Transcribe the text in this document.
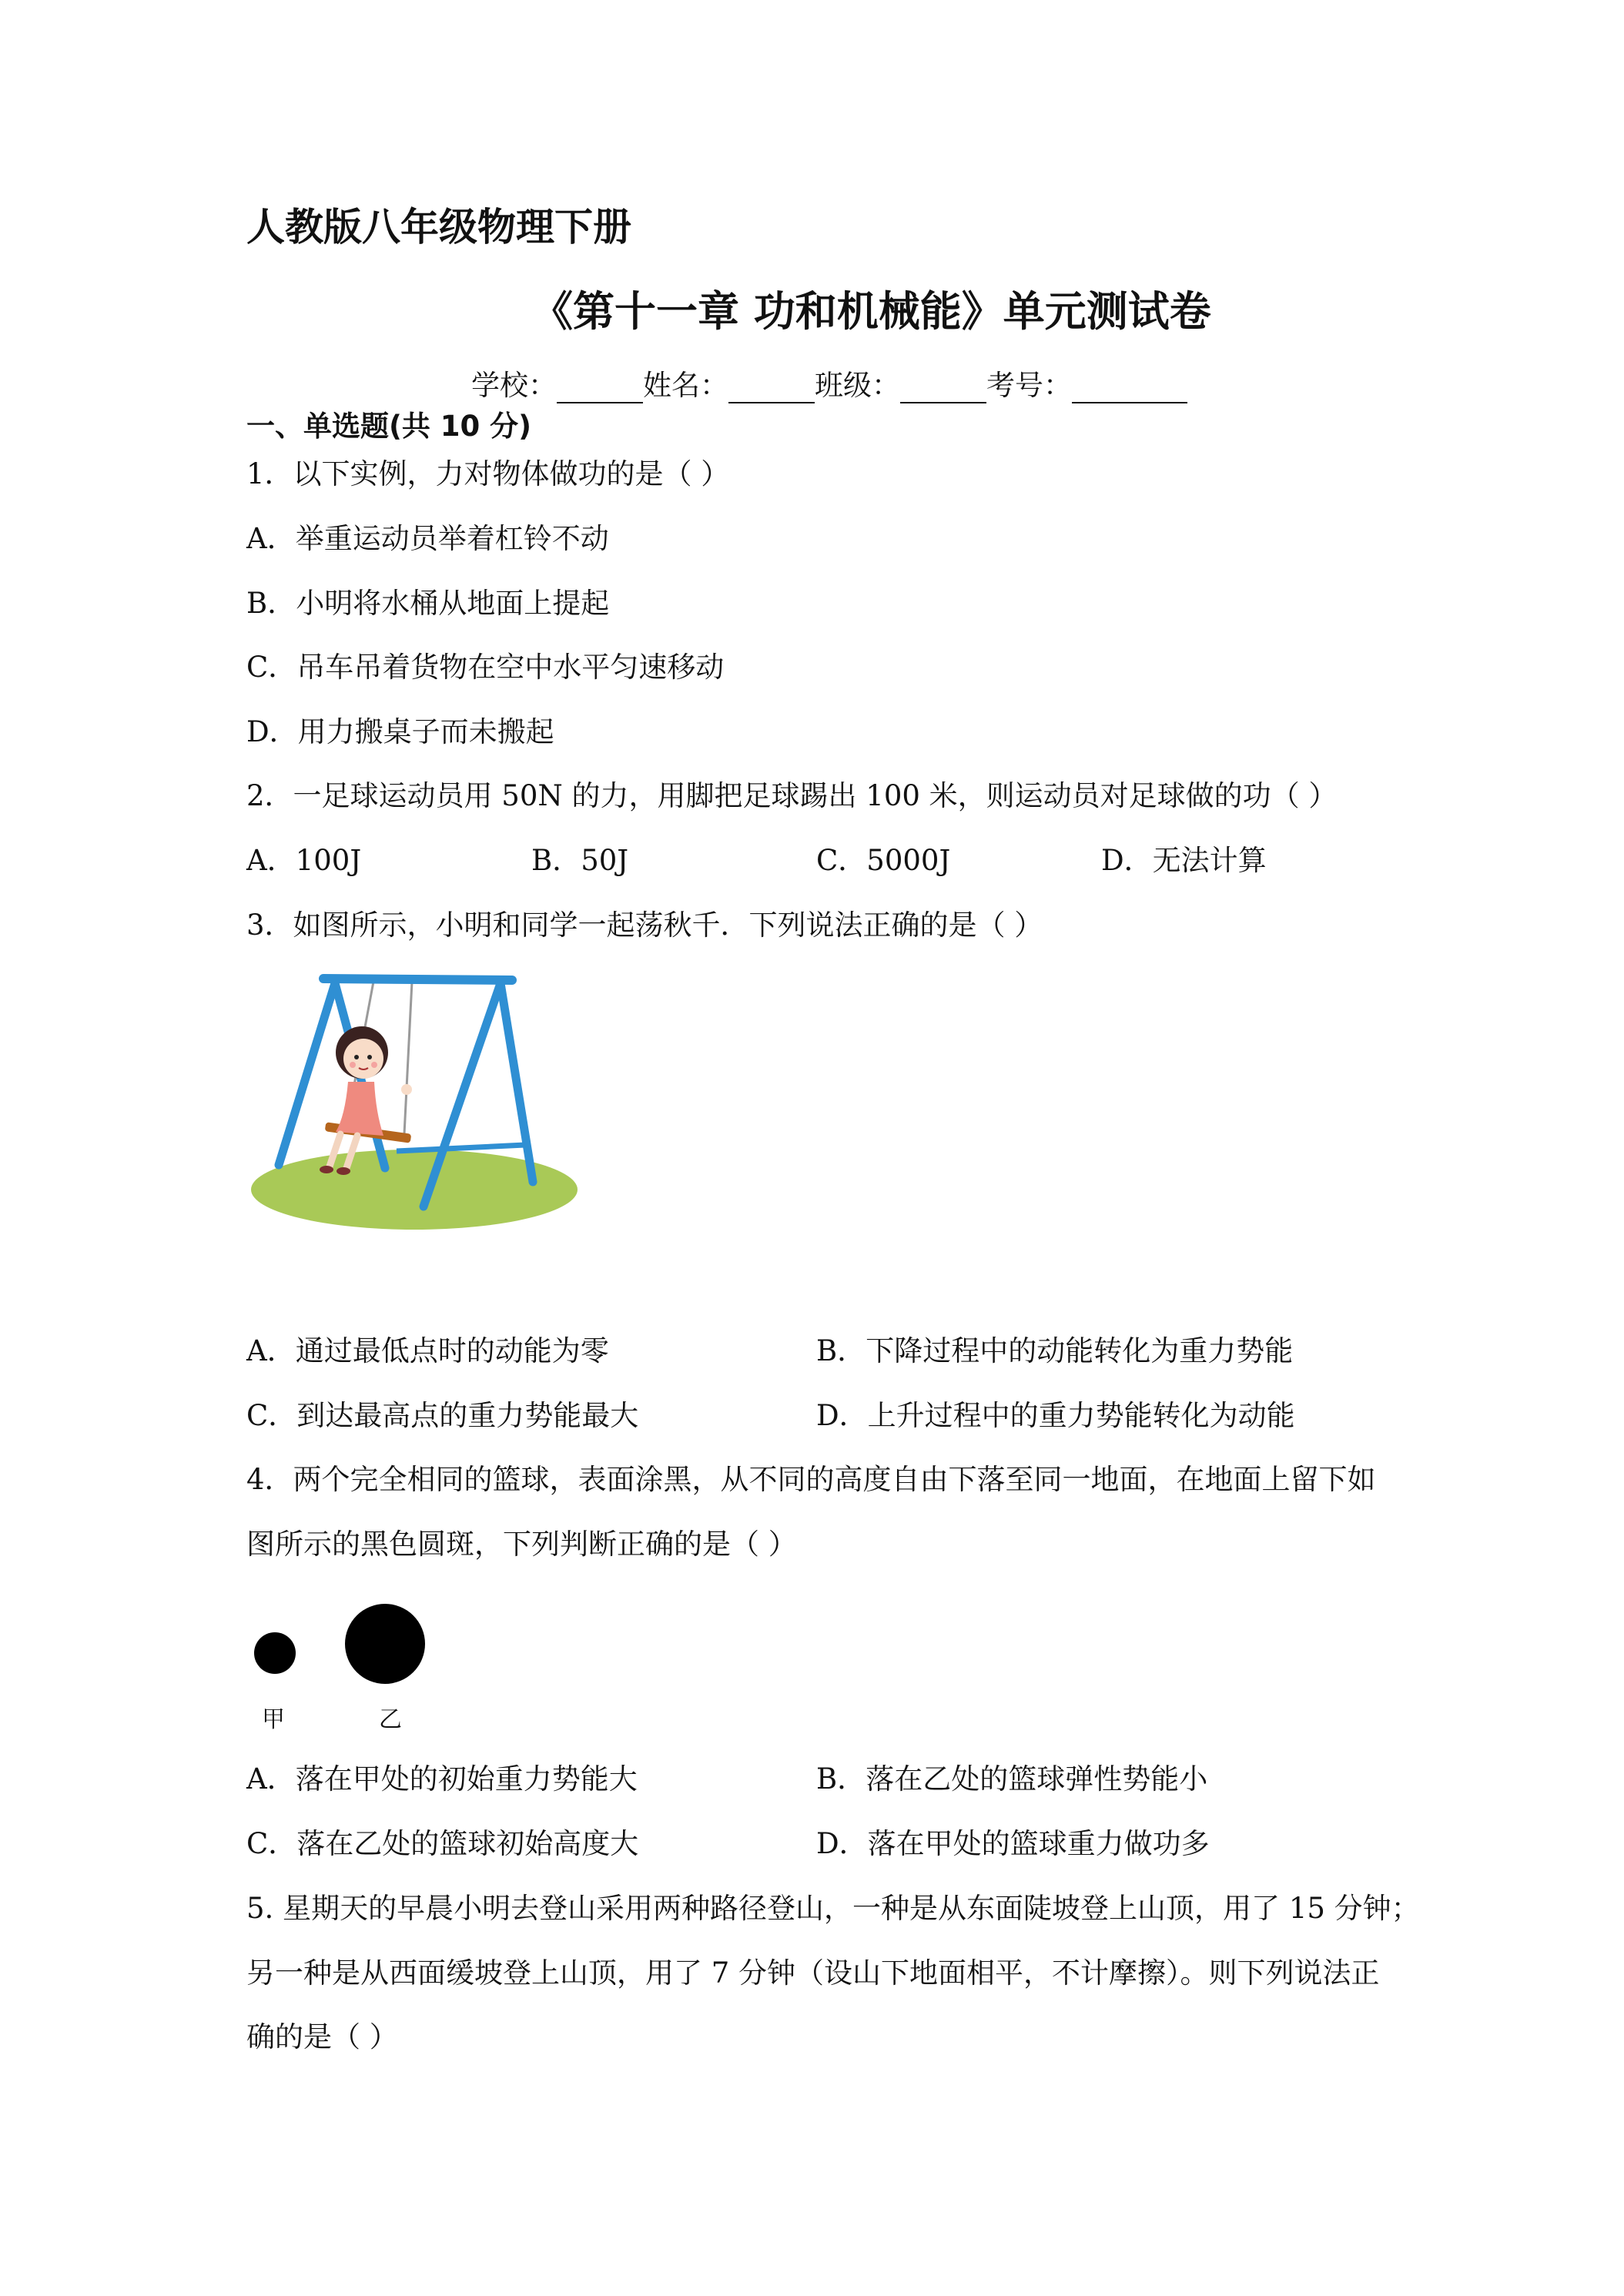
人教版八年级物理下册
《第十一章 功和机械能》单元测试卷
学校：	姓名：	班级：	考号：
一、单选题(共 10 分)
1．以下实例，力对物体做功的是（ ）
A．举重运动员举着杠铃不动
B．小明将水桶从地面上提起
C．吊车吊着货物在空中水平匀速移动
D．用力搬桌子而未搬起
2．一足球运动员用 50N 的力，用脚把足球踢出 100 米，则运动员对足球做的功（ ）
A．100J	B．50J	C．5000J	D．无法计算
3．如图所示，小明和同学一起荡秋千．下列说法正确的是（ ）
A．通过最低点时的动能为零	B．下降过程中的动能转化为重力势能
C．到达最高点的重力势能最大	D．上升过程中的重力势能转化为动能
4．两个完全相同的篮球，表面涂黑，从不同的高度自由下落至同一地面，在地面上留下如
图所示的黑色圆斑，下列判断正确的是（ ）
甲	乙
A．落在甲处的初始重力势能大	B．落在乙处的篮球弹性势能小
C．落在乙处的篮球初始高度大	D．落在甲处的篮球重力做功多
5. 星期天的早晨小明去登山采用两种路径登山，一种是从东面陡坡登上山顶，用了 15 分钟；
另一种是从西面缓坡登上山顶，用了 7 分钟（设山下地面相平，不计摩擦）。则下列说法正
确的是（ ）
